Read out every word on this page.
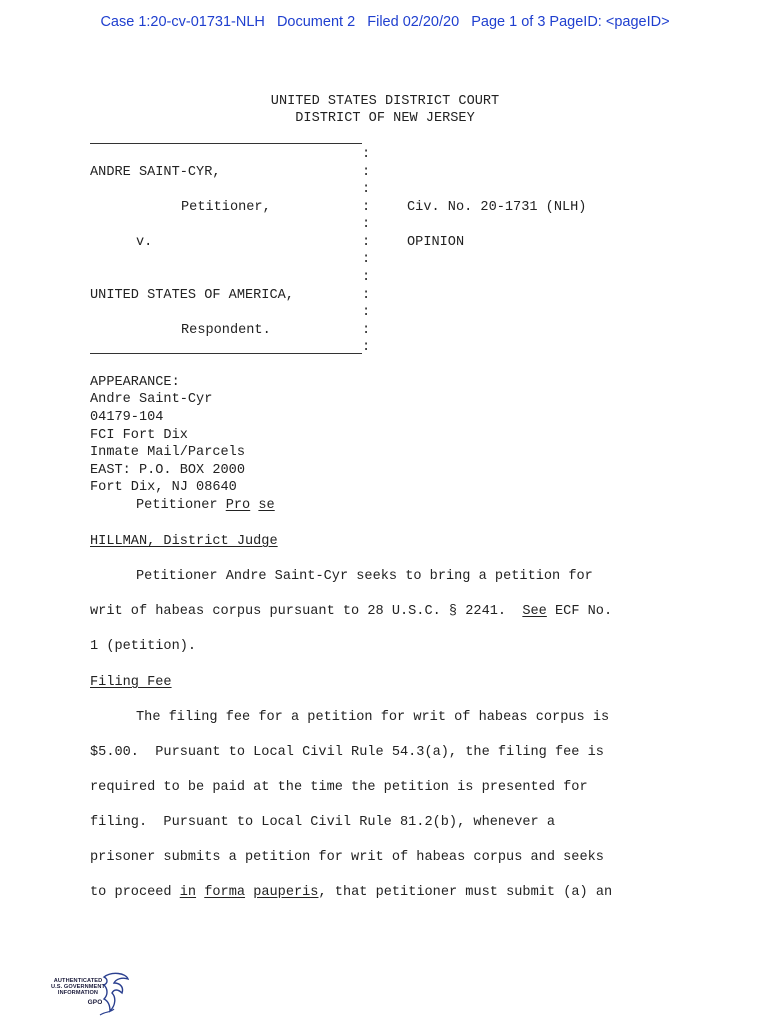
Case 1:20-cv-01731-NLH Document 2 Filed 02/20/20 Page 1 of 3 PageID: <pageID>
UNITED STATES DISTRICT COURT
DISTRICT OF NEW JERSEY
:
:
:
:
:
:
:
:
:
:
:
:
ANDRE SAINT-CYR,
Petitioner,
v.
UNITED STATES OF AMERICA,
Respondent.
Civ. No. 20-1731 (NLH)
OPINION
APPEARANCE:
Andre Saint-Cyr
04179-104
FCI Fort Dix
Inmate Mail/Parcels
EAST: P.O. BOX 2000
Fort Dix, NJ 08640
Petitioner Pro se
HILLMAN, District Judge
Petitioner Andre Saint-Cyr seeks to bring a petition for
writ of habeas corpus pursuant to 28 U.S.C. § 2241.  See ECF No.
1 (petition).
Filing Fee
The filing fee for a petition for writ of habeas corpus is
$5.00.  Pursuant to Local Civil Rule 54.3(a), the filing fee is
required to be paid at the time the petition is presented for
filing.  Pursuant to Local Civil Rule 81.2(b), whenever a
prisoner submits a petition for writ of habeas corpus and seeks
to proceed in forma pauperis, that petitioner must submit (a) an
AUTHENTICATED
U.S. GOVERNMENT
INFORMATION
GPO
